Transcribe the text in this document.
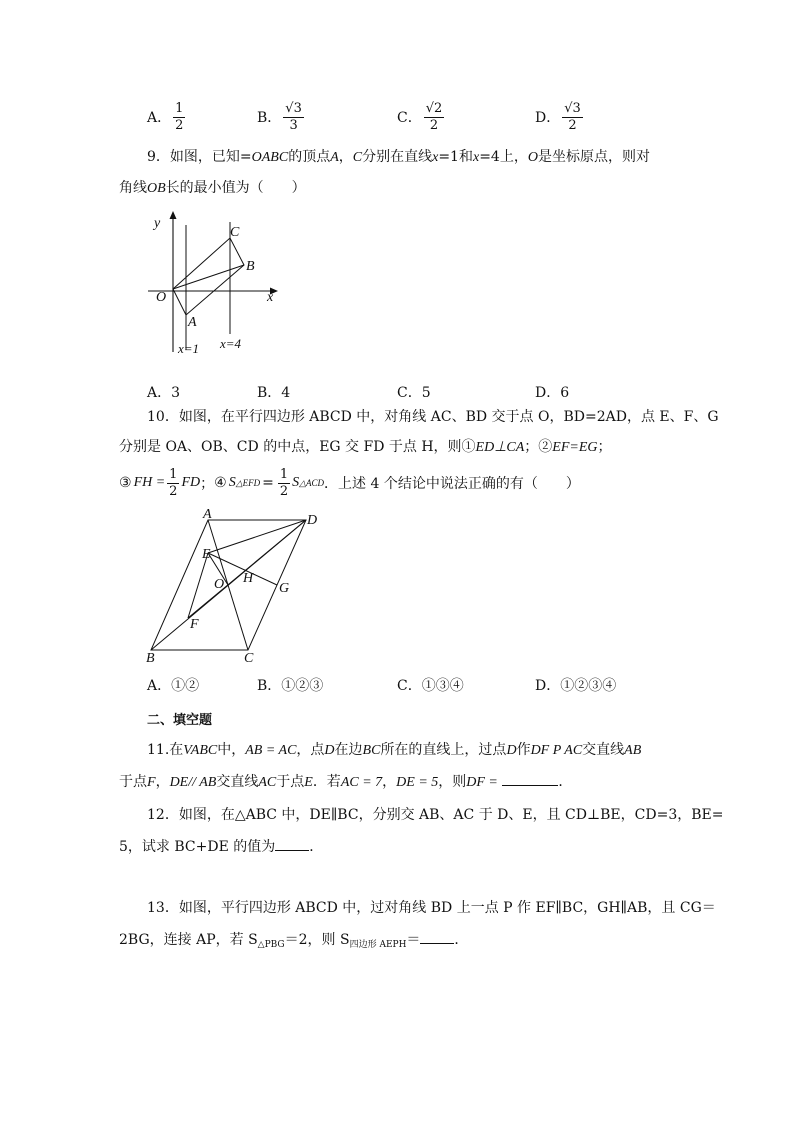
A． $\frac{1}{2}$	B． $\frac{√3}{3}$	C． $\frac{√2}{2}$	D． $\frac{√3}{2}$
9．如图，已知=OABC的顶点A，C分别在直线x=1和x=4上，O是坐标原点，则对
角线OB长的最小值为（　　）
y
x
O
A
B
C
x=1 x=4
A．3	B．4	C．5	D．6
10．如图，在平行四边形 ABCD 中，对角线 AC、BD 交于点 O，BD=2AD，点 E、F、G
分别是 OA、OB、CD 的中点，EG 交 FD 于点 H，则①ED⊥CA；②EF=EG；
③ FH = $\frac{1}{2}$ FD ； ④ S △EFD = $\frac{1}{2}$ S △ACD ．上述 4 个结论中说法正确的有（　　）
A	D
E
O H
G
F
B	C
A．①②	B．①②③	C．①③④	D．①②③④
二、填空题
11.在VABC中，AB = AC，点D在边BC所在的直线上，过点D作DF P AC交直线AB
于点F，DE// AB交直线AC于点E．若AC = 7，DE = 5，则DF =	．
12．如图，在△ABC 中，DE∥BC，分别交 AB、AC 于 D、E，且 CD⊥BE，CD=3，BE=
5，试求 BC+DE 的值为 ．
13．如图，平行四边形 ABCD 中，过对角线 BD 上一点 P 作 EF∥BC，GH∥AB，且 CG＝
2BG，连接 AP，若 $S_{\triangle PBG}=2$，则 $S_{四边形 AEPH}=$ ．
